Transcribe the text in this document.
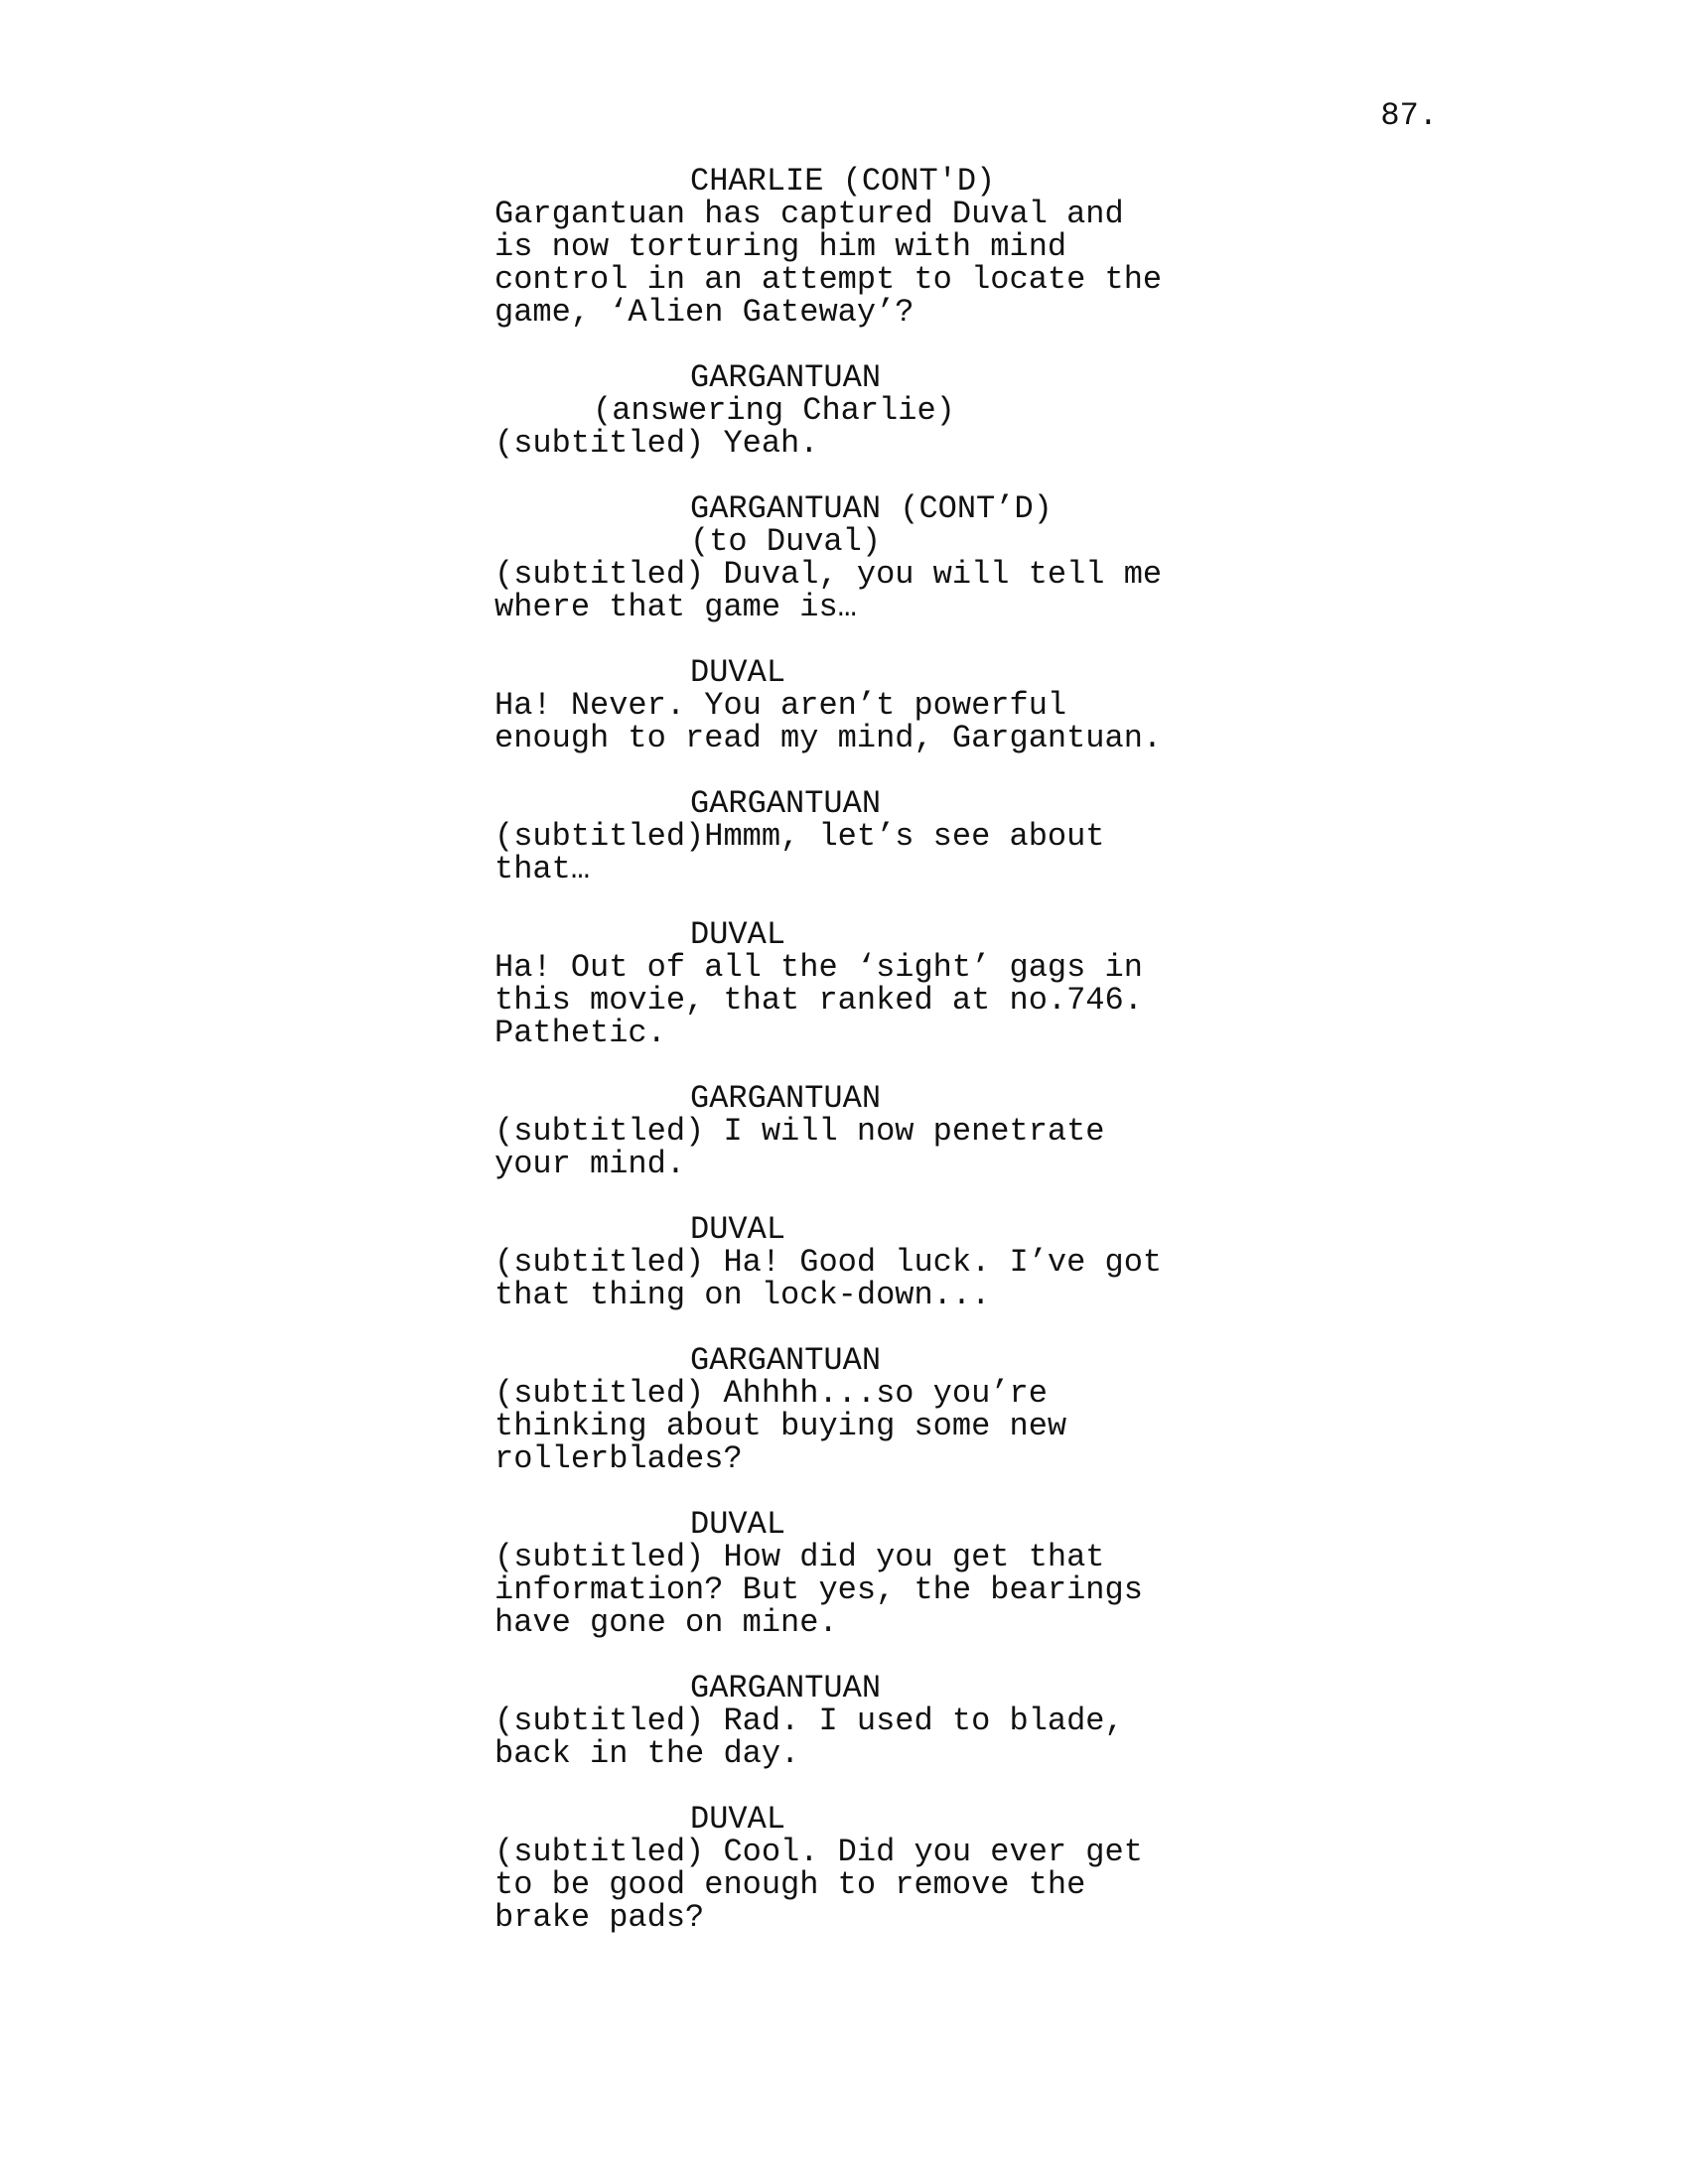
87.
CHARLIE (CONT'D)
Gargantuan has captured Duval and
is now torturing him with mind
control in an attempt to locate the
game, ‘Alien Gateway’?
GARGANTUAN
(answering Charlie)
(subtitled) Yeah.
GARGANTUAN (CONT’D)
(to Duval)
(subtitled) Duval, you will tell me
where that game is…
DUVAL
Ha! Never. You aren’t powerful
enough to read my mind, Gargantuan.
GARGANTUAN
(subtitled)Hmmm, let’s see about
that…
DUVAL
Ha! Out of all the ‘sight’ gags in
this movie, that ranked at no.746.
Pathetic.
GARGANTUAN
(subtitled) I will now penetrate
your mind.
DUVAL
(subtitled) Ha! Good luck. I’ve got
that thing on lock-down...
GARGANTUAN
(subtitled) Ahhhh...so you’re
thinking about buying some new
rollerblades?
DUVAL
(subtitled) How did you get that
information? But yes, the bearings
have gone on mine.
GARGANTUAN
(subtitled) Rad. I used to blade,
back in the day.
DUVAL
(subtitled) Cool. Did you ever get
to be good enough to remove the
brake pads?
